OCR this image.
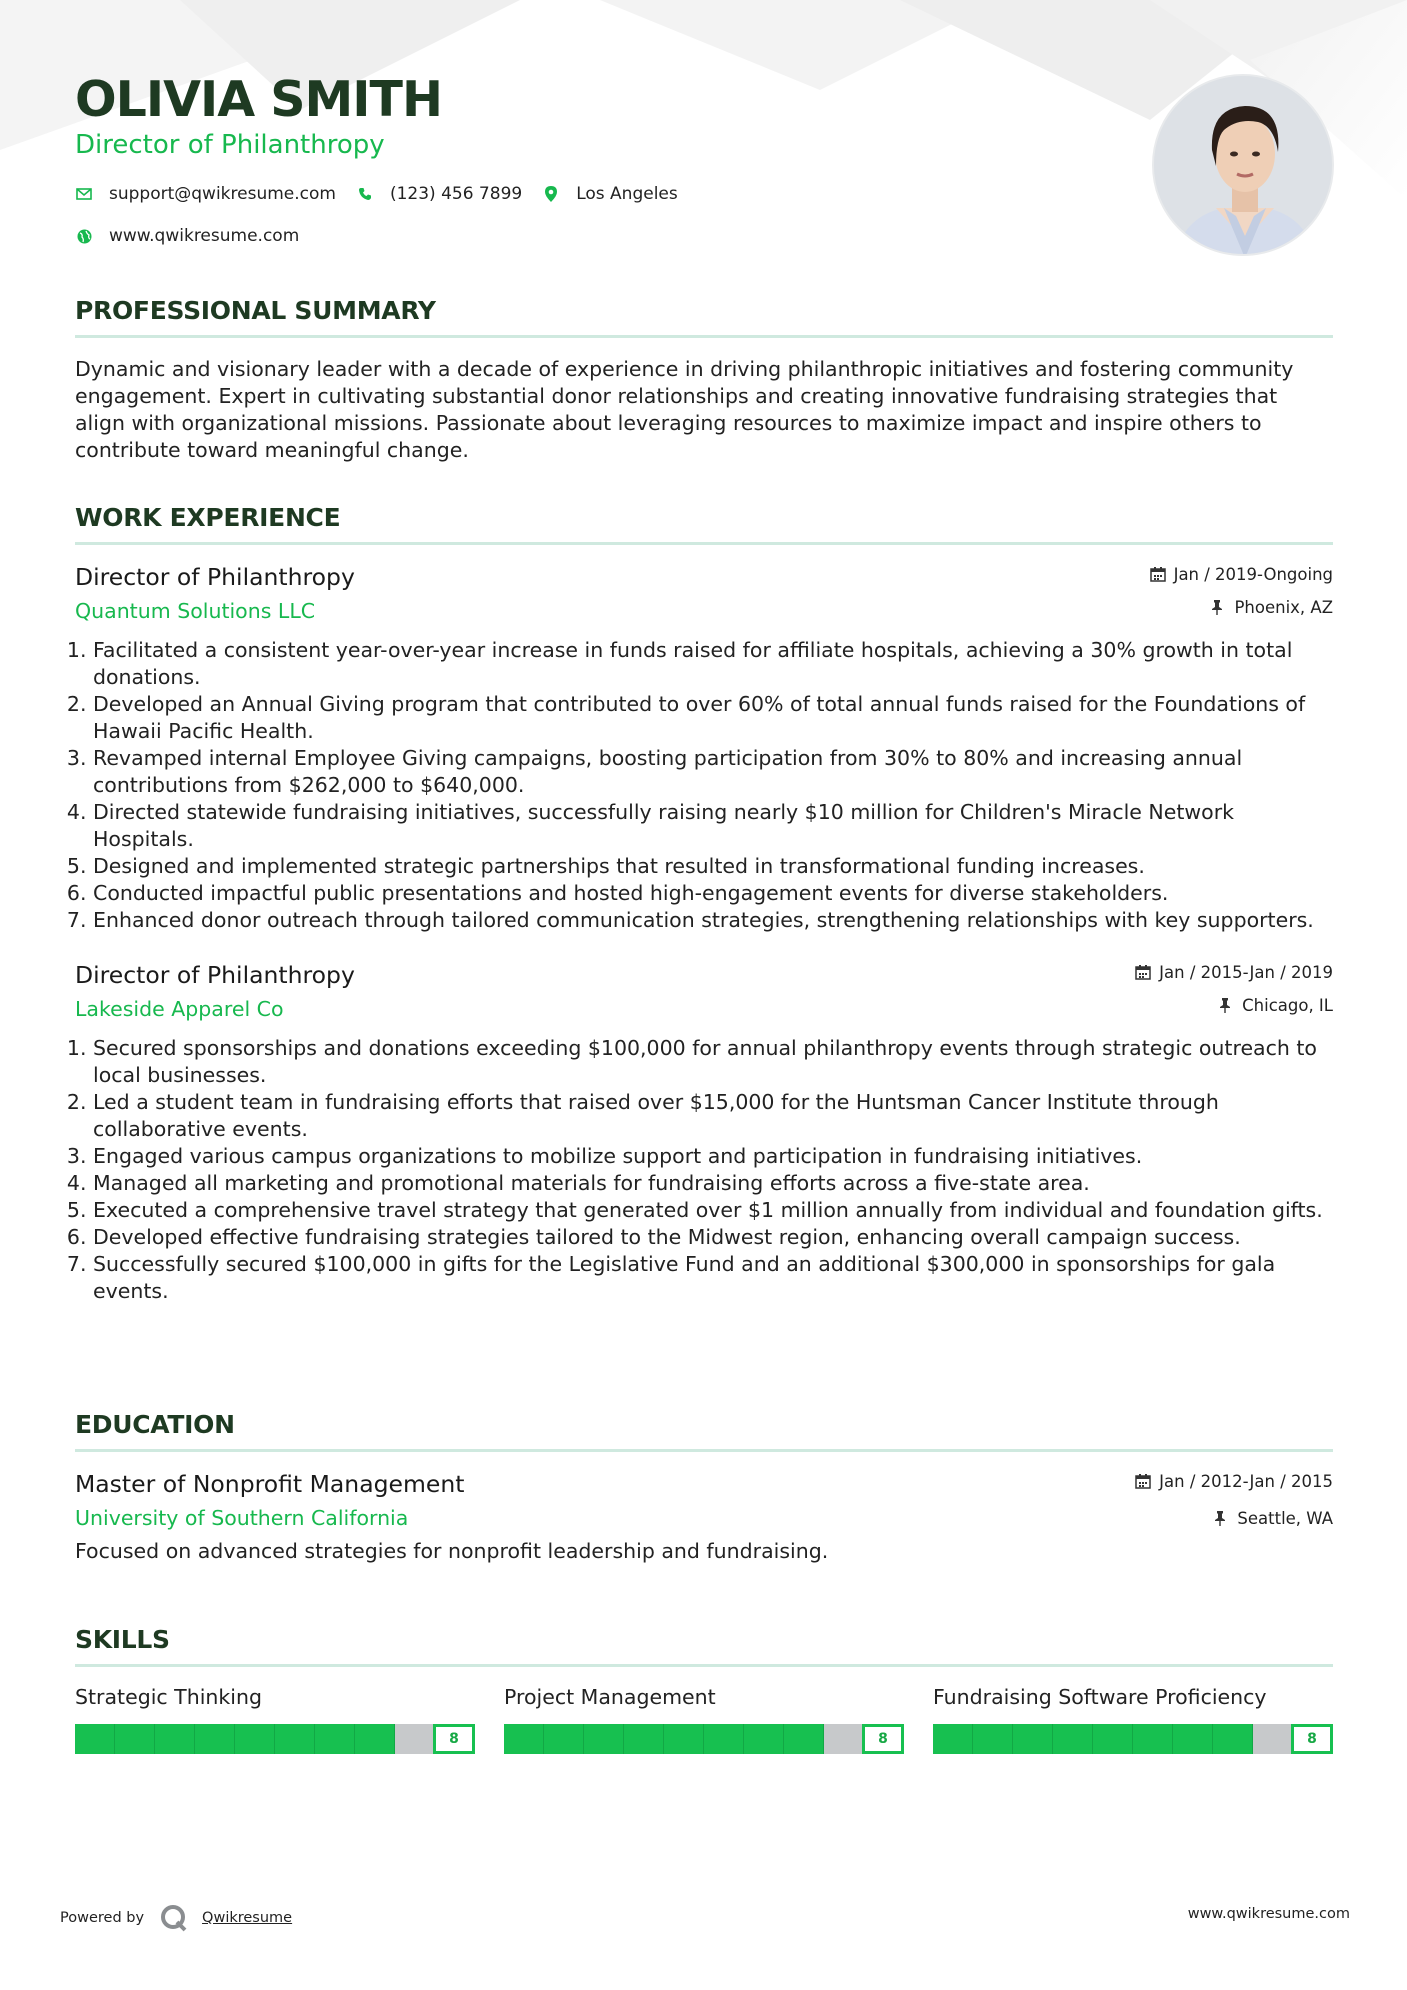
OLIVIA SMITH
Director of Philanthropy
support@qwikresume.com	(123) 456 7899	Los Angeles
www.qwikresume.com
PROFESSIONAL SUMMARY
Dynamic and visionary leader with a decade of experience in driving philanthropic initiatives and fostering community engagement. Expert in cultivating substantial donor relationships and creating innovative fundraising strategies that align with organizational missions. Passionate about leveraging resources to maximize impact and inspire others to contribute toward meaningful change.
WORK EXPERIENCE
Director of Philanthropy
Quantum Solutions LLC
Jan / 2019-Ongoing
Phoenix, AZ
1. Facilitated a consistent year-over-year increase in funds raised for affiliate hospitals, achieving a 30% growth in total donations.
2. Developed an Annual Giving program that contributed to over 60% of total annual funds raised for the Foundations of Hawaii Pacific Health.
3. Revamped internal Employee Giving campaigns, boosting participation from 30% to 80% and increasing annual contributions from $262,000 to $640,000.
4. Directed statewide fundraising initiatives, successfully raising nearly $10 million for Children's Miracle Network Hospitals.
5. Designed and implemented strategic partnerships that resulted in transformational funding increases.
6. Conducted impactful public presentations and hosted high-engagement events for diverse stakeholders.
7. Enhanced donor outreach through tailored communication strategies, strengthening relationships with key supporters.
Director of Philanthropy
Lakeside Apparel Co
Jan / 2015-Jan / 2019
Chicago, IL
1. Secured sponsorships and donations exceeding $100,000 for annual philanthropy events through strategic outreach to local businesses.
2. Led a student team in fundraising efforts that raised over $15,000 for the Huntsman Cancer Institute through collaborative events.
3. Engaged various campus organizations to mobilize support and participation in fundraising initiatives.
4. Managed all marketing and promotional materials for fundraising efforts across a five-state area.
5. Executed a comprehensive travel strategy that generated over $1 million annually from individual and foundation gifts.
6. Developed effective fundraising strategies tailored to the Midwest region, enhancing overall campaign success.
7. Successfully secured $100,000 in gifts for the Legislative Fund and an additional $300,000 in sponsorships for gala events.
EDUCATION
Master of Nonprofit Management
University of Southern California
Jan / 2012-Jan / 2015
Seattle, WA
Focused on advanced strategies for nonprofit leadership and fundraising.
SKILLS
Strategic Thinking
8
Project Management
8
Fundraising Software Proficiency
8
Powered by	Qwikresume	www.qwikresume.com
